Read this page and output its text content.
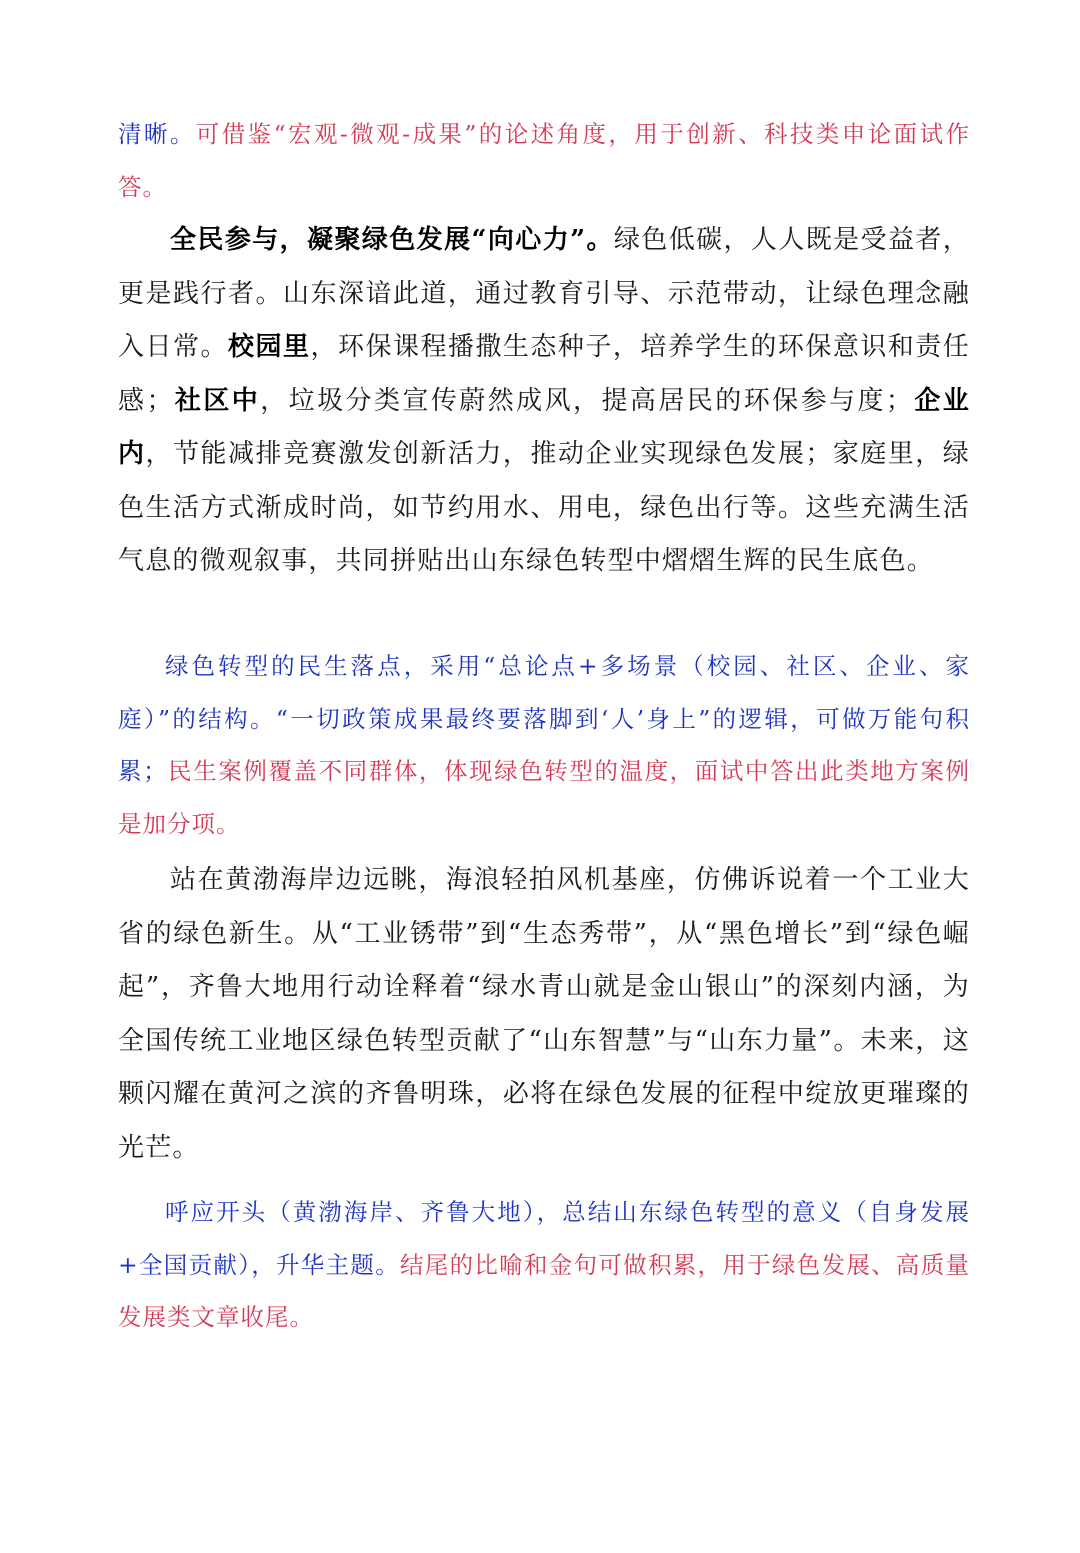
清晰。可借鉴“宏观-微观-成果”的论述角度，用于创新、科技类申论面试作答。

全民参与，凝聚绿色发展“向心力”。绿色低碳，人人既是受益者，更是践行者。山东深谙此道，通过教育引导、示范带动，让绿色理念融入日常。校园里，环保课程播撒生态种子，培养学生的环保意识和责任感；社区中，垃圾分类宣传蔚然成风，提高居民的环保参与度；企业内，节能减排竞赛激发创新活力，推动企业实现绿色发展；家庭里，绿色生活方式渐成时尚，如节约用水、用电，绿色出行等。这些充满生活气息的微观叙事，共同拼贴出山东绿色转型中熠熠生辉的民生底色。

绿色转型的民生落点，采用“总论点+多场景（校园、社区、企业、家庭）”的结构。“一切政策成果最终要落脚到‘人’身上”的逻辑，可做万能句积累；民生案例覆盖不同群体，体现绿色转型的温度，面试中答出此类地方案例是加分项。

站在黄渤海岸边远眺，海浪轻拍风机基座，仿佛诉说着一个工业大省的绿色新生。从“工业锈带”到“生态秀带”，从“黑色增长”到“绿色崛起”，齐鲁大地用行动诠释着“绿水青山就是金山银山”的深刻内涵，为全国传统工业地区绿色转型贡献了“山东智慧”与“山东力量”。未来，这颗闪耀在黄河之滨的齐鲁明珠，必将在绿色发展的征程中绽放更璀璨的光芒。

呼应开头（黄渤海岸、齐鲁大地），总结山东绿色转型的意义（自身发展+全国贡献），升华主题。结尾的比喻和金句可做积累，用于绿色发展、高质量发展类文章收尾。
